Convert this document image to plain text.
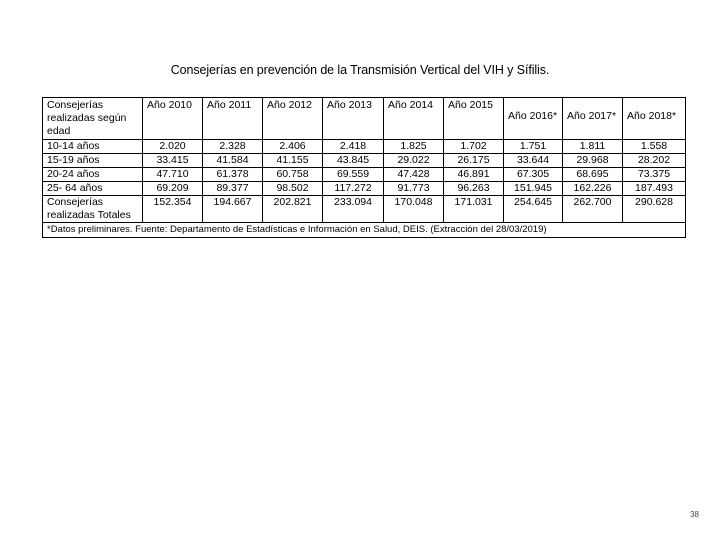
Consejerías en prevención de la Transmisión Vertical del VIH y Sífilis.
Consejerías realizadas según edad	Año 2010	Año 2011	Año 2012	Año 2013	Año 2014	Año 2015	Año 2016*	Año 2017*	Año 2018*
10-14 años	2.020	2.328	2.406	2.418	1.825	1.702	1.751	1.811	1.558
15-19 años	33.415	41.584	41.155	43.845	29.022	26.175	33.644	29.968	28.202
20-24 años	47.710	61.378	60.758	69.559	47.428	46.891	67.305	68.695	73.375
25- 64 años	69.209	89.377	98.502	117.272	91.773	96.263	151.945	162.226	187.493
Consejerías realizadas Totales	152.354	194.667	202.821	233.094	170.048	171.031	254.645	262.700	290.628
*Datos preliminares. Fuente: Departamento de Estadísticas e Información en Salud, DEIS. (Extracción del 28/03/2019)									
38
